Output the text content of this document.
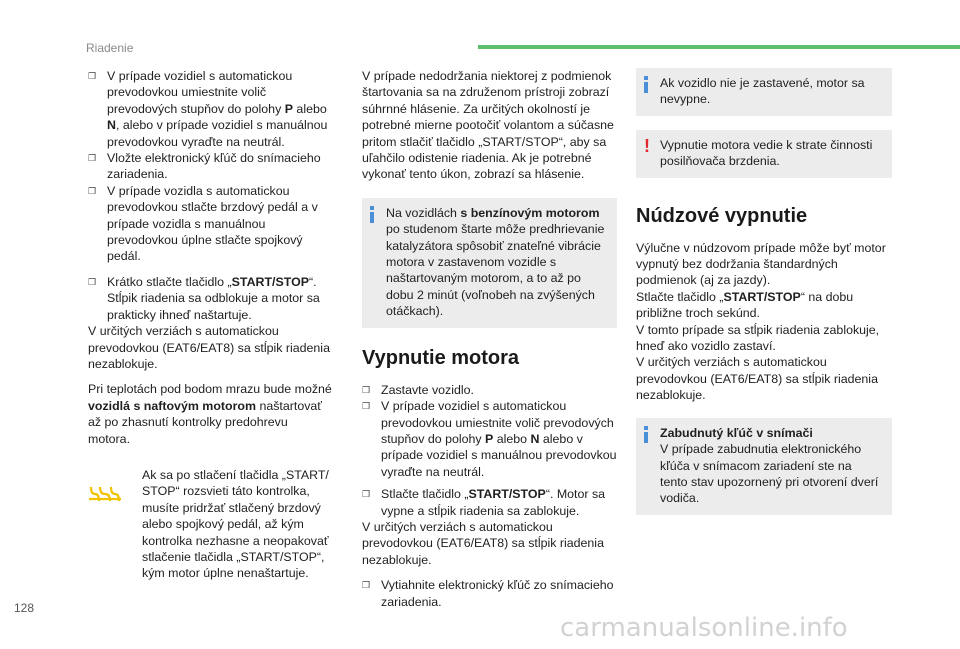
Riadenie
❒ V prípade vozidiel s automatickou prevodovkou umiestnite volič prevodových stupňov do polohy P alebo N, alebo v prípade vozidiel s manuálnou prevodovkou vyraďte na neutrál.
❒ Vložte elektronický kľúč do snímacieho zariadenia.
❒ V prípade vozidla s automatickou prevodovkou stlačte brzdový pedál a v prípade vozidla s manuálnou prevodovkou úplne stlačte spojkový pedál.
❒ Krátko stlačte tlačidlo „START/STOP“. Stĺpik riadenia sa odblokuje a motor sa prakticky ihneď naštartuje.

V určitých verziách s automatickou prevodovkou (EAT6/EAT8) sa stĺpik riadenia nezablokuje.

Pri teplotách pod bodom mrazu bude možné vozidlá s naftovým motorom naštartovať až po zhasnutí kontrolky predohrevu motora.

Ak sa po stlačení tlačidla „START/ STOP“ rozsvieti táto kontrolka, musíte pridržať stlačený brzdový alebo spojkový pedál, až kým kontrolka nezhasne a neopakovať stlačenie tlačidla „START/STOP“, kým motor úplne nenaštartuje.

V prípade nedodržania niektorej z podmienok štartovania sa na združenom prístroji zobrazí súhrnné hlásenie. Za určitých okolností je potrebné mierne pootočiť volantom a súčasne pritom stlačiť tlačidlo „START/STOP“, aby sa uľahčilo odistenie riadenia. Ak je potrebné vykonať tento úkon, zobrazí sa hlásenie.

Na vozidlách s benzínovým motorom po studenom štarte môže predhrievanie katalyzátora spôsobiť znateľné vibrácie motora v zastavenom vozidle s naštartovaným motorom, a to až po dobu 2 minút (voľnobeh na zvýšených otáčkach).

Vypnutie motora
❒ Zastavte vozidlo.
❒ V prípade vozidiel s automatickou prevodovkou umiestnite volič prevodových stupňov do polohy P alebo N alebo v prípade vozidiel s manuálnou prevodovkou vyraďte na neutrál.
❒ Stlačte tlačidlo „START/STOP“. Motor sa vypne a stĺpik riadenia sa zablokuje.

V určitých verziách s automatickou prevodovkou (EAT6/EAT8) sa stĺpik riadenia nezablokuje.

❒ Vytiahnite elektronický kľúč zo snímacieho zariadenia.

Ak vozidlo nie je zastavené, motor sa nevypne.

! Vypnutie motora vedie k strate činnosti posilňovača brzdenia.

Núdzové vypnutie

Výlučne v núdzovom prípade môže byť motor vypnutý bez dodržania štandardných podmienok (aj za jazdy).

Stlačte tlačidlo „START/STOP“ na dobu približne troch sekúnd.

V tomto prípade sa stĺpik riadenia zablokuje, hneď ako vozidlo zastaví.

V určitých verziách s automatickou prevodovkou (EAT6/EAT8) sa stĺpik riadenia nezablokuje.

Zabudnutý kľúč v snímači
V prípade zabudnutia elektronického kľúča v snímacom zariadení ste na tento stav upozornený pri otvorení dverí vodiča.

128
carmanualsonline.info
